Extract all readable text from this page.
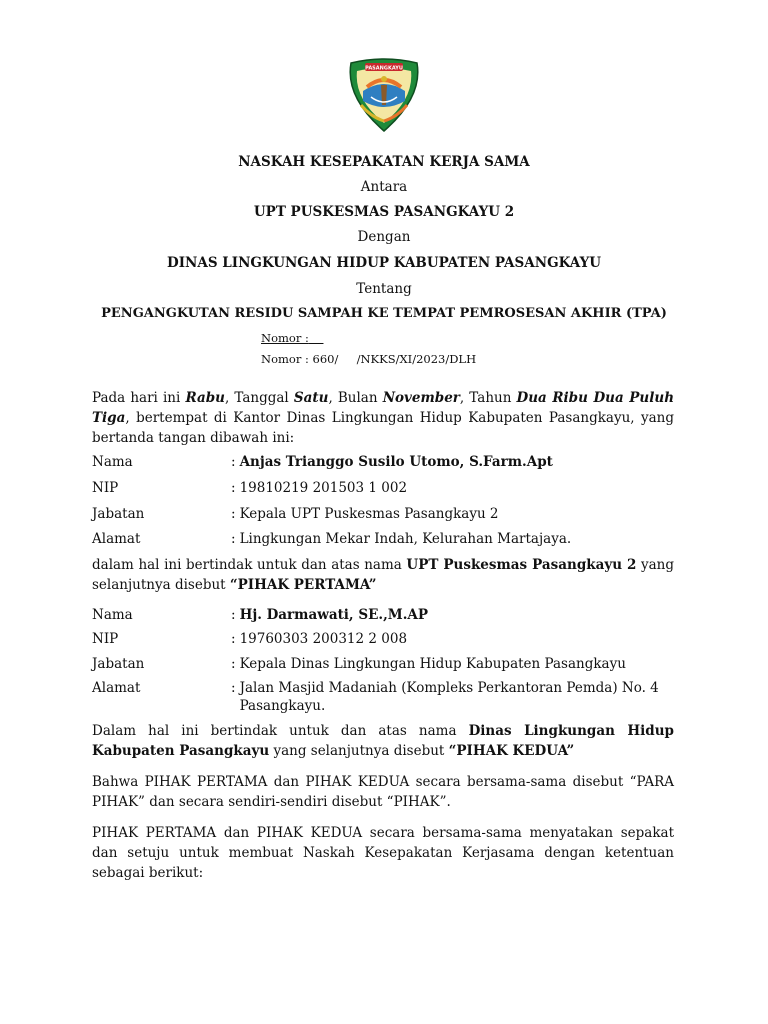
PASANGKAYU
NASKAH KESEPAKATAN KERJA SAMA
Antara
UPT PUSKESMAS PASANGKAYU 2
Dengan
DINAS LINGKUNGAN HIDUP KABUPATEN PASANGKAYU
Tentang
PENGANGKUTAN RESIDU SAMPAH KE TEMPAT PEMROSESAN AKHIR (TPA)
Nomor :
Nomor : 660/     /NKKS/XI/2023/DLH
Pada hari ini Rabu, Tanggal Satu, Bulan November, Tahun Dua Ribu Dua Puluh Tiga, bertempat di Kantor Dinas Lingkungan Hidup Kabupaten Pasangkayu, yang bertanda tangan dibawah ini:
Nama	: Anjas Trianggo Susilo Utomo, S.Farm.Apt
NIP	: 19810219 201503 1 002
Jabatan	: Kepala UPT Puskesmas Pasangkayu 2
Alamat	: Lingkungan Mekar Indah, Kelurahan Martajaya.
dalam hal ini bertindak untuk dan atas nama UPT Puskesmas Pasangkayu 2 yang selanjutnya disebut “PIHAK PERTAMA”
Nama	: Hj. Darmawati, SE.,M.AP
NIP	: 19760303 200312 2 008
Jabatan	: Kepala Dinas Lingkungan Hidup Kabupaten Pasangkayu
Alamat	: Jalan Masjid Madaniah (Kompleks Perkantoran Pemda) No. 4 Pasangkayu.
Dalam hal ini bertindak untuk dan atas nama Dinas Lingkungan Hidup Kabupaten Pasangkayu yang selanjutnya disebut “PIHAK KEDUA”
Bahwa PIHAK PERTAMA dan PIHAK KEDUA secara bersama-sama disebut “PARA PIHAK” dan secara sendiri-sendiri disebut “PIHAK”.
PIHAK PERTAMA dan PIHAK KEDUA secara bersama-sama menyatakan sepakat dan setuju untuk membuat Naskah Kesepakatan Kerjasama dengan ketentuan sebagai berikut:
